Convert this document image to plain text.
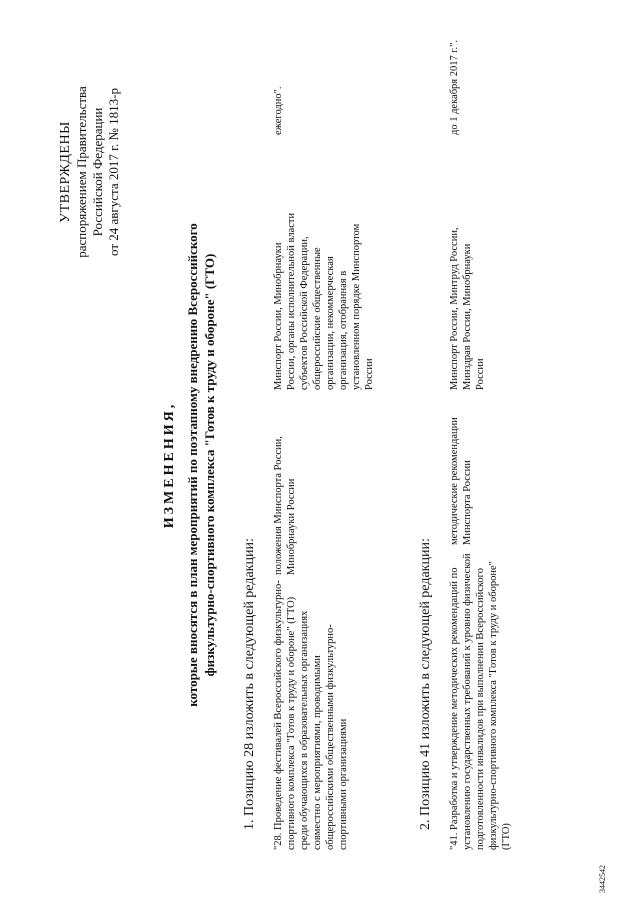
УТВЕРЖДЕНЫ распоряжением Правительства Российской Федерации от 24 августа 2017 г. № 1813-р
ИЗМЕНЕНИЯ, которые вносятся в план мероприятий по поэтапному внедрению Всероссийского физкультурно-спортивного комплекса "Готов к труду и обороне" (ГТО)
1. Позицию 28 изложить в следующей редакции: "28. Проведение фестивалей Всероссийского физкультурно-спортивного комплекса "Готов к труду и обороне" (ГТО) среди обучающихся в образовательных организациях совместно с мероприятиями, проводимыми общероссийскими общественными физкультурно-спортивными организациями
положения Минспорта России, Минобрнауки России
Минспорт России, Минобрнауки России, органы исполнительной власти субъектов Российской Федерации, общероссийские общественные организации, некоммерческая организация, отобранная в установленном порядке Минспортом России
ежегодно".
2. Позицию 41 изложить в следующей редакции: "41. Разработка и утверждение методических рекомендаций по установлению государственных требований к уровню физической подготовленности инвалидов при выполнении Всероссийского физкультурно-спортивного комплекса "Готов к труду и обороне" (ГТО)
методические рекомендации Минспорта России
Минспорт России, Минтруд России, Минздрав России, Минобрнауки России
до 1 декабря 2017 г.".
3442542
